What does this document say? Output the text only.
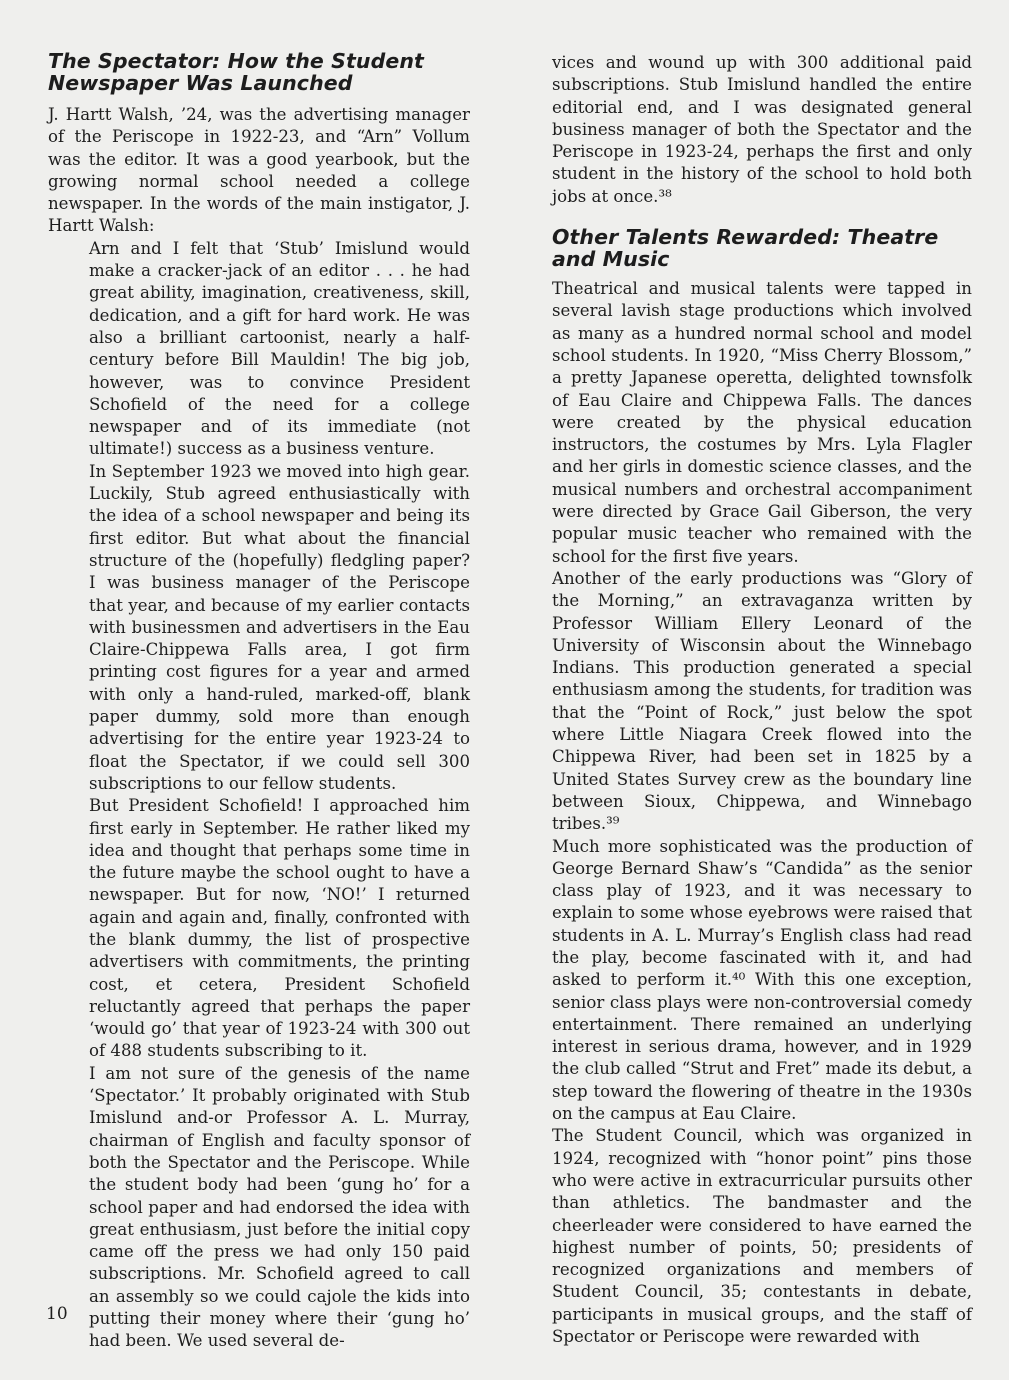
The Spectator: How the Student Newspaper Was Launched

J. Hartt Walsh, ’24, was the advertising manager of the Periscope in 1922-23, and “Arn” Vollum was the editor. It was a good yearbook, but the growing normal school needed a college newspaper. In the words of the main instigator, J. Hartt Walsh:

Arn and I felt that ‘Stub’ Imislund would make a cracker-jack of an editor . . . he had great ability, imagination, creativeness, skill, dedication, and a gift for hard work. He was also a brilliant cartoonist, nearly a half-century before Bill Mauldin! The big job, however, was to convince President Schofield of the need for a college newspaper and of its immediate (not ultimate!) success as a business venture.

In September 1923 we moved into high gear. Luckily, Stub agreed enthusiastically with the idea of a school newspaper and being its first editor. But what about the financial structure of the (hopefully) fledgling paper? I was business manager of the Periscope that year, and because of my earlier contacts with businessmen and advertisers in the Eau Claire-Chippewa Falls area, I got firm printing cost figures for a year and armed with only a hand-ruled, marked-off, blank paper dummy, sold more than enough advertising for the entire year 1923-24 to float the Spectator, if we could sell 300 subscriptions to our fellow students.

But President Schofield! I approached him first early in September. He rather liked my idea and thought that perhaps some time in the future maybe the school ought to have a newspaper. But for now, ‘NO!’ I returned again and again and, finally, confronted with the blank dummy, the list of prospective advertisers with commitments, the printing cost, et cetera, President Schofield reluctantly agreed that perhaps the paper ‘would go’ that year of 1923-24 with 300 out of 488 students subscribing to it.

I am not sure of the genesis of the name ‘Spectator.’ It probably originated with Stub Imislund and-or Professor A. L. Murray, chairman of English and faculty sponsor of both the Spectator and the Periscope. While the student body had been ‘gung ho’ for a school paper and had endorsed the idea with great enthusiasm, just before the initial copy came off the press we had only 150 paid subscriptions. Mr. Schofield agreed to call an assembly so we could cajole the kids into putting their money where their ‘gung ho’ had been. We used several de-

vices and wound up with 300 additional paid subscriptions. Stub Imislund handled the entire editorial end, and I was designated general business manager of both the Spectator and the Periscope in 1923-24, perhaps the first and only student in the history of the school to hold both jobs at once.³⁸

Other Talents Rewarded: Theatre and Music

Theatrical and musical talents were tapped in several lavish stage productions which involved as many as a hundred normal school and model school students. In 1920, “Miss Cherry Blossom,” a pretty Japanese operetta, delighted townsfolk of Eau Claire and Chippewa Falls. The dances were created by the physical education instructors, the costumes by Mrs. Lyla Flagler and her girls in domestic science classes, and the musical numbers and orchestral accompaniment were directed by Grace Gail Giberson, the very popular music teacher who remained with the school for the first five years.

Another of the early productions was “Glory of the Morning,” an extravaganza written by Professor William Ellery Leonard of the University of Wisconsin about the Winnebago Indians. This production generated a special enthusiasm among the students, for tradition was that the “Point of Rock,” just below the spot where Little Niagara Creek flowed into the Chippewa River, had been set in 1825 by a United States Survey crew as the boundary line between Sioux, Chippewa, and Winnebago tribes.³⁹

Much more sophisticated was the production of George Bernard Shaw’s “Candida” as the senior class play of 1923, and it was necessary to explain to some whose eyebrows were raised that students in A. L. Murray’s English class had read the play, become fascinated with it, and had asked to perform it.⁴⁰ With this one exception, senior class plays were non-controversial comedy entertainment. There remained an underlying interest in serious drama, however, and in 1929 the club called “Strut and Fret” made its debut, a step toward the flowering of theatre in the 1930s on the campus at Eau Claire.

The Student Council, which was organized in 1924, recognized with “honor point” pins those who were active in extracurricular pursuits other than athletics. The bandmaster and the cheerleader were considered to have earned the highest number of points, 50; presidents of recognized organizations and members of Student Council, 35; contestants in debate, participants in musical groups, and the staff of Spectator or Periscope were rewarded with

10
